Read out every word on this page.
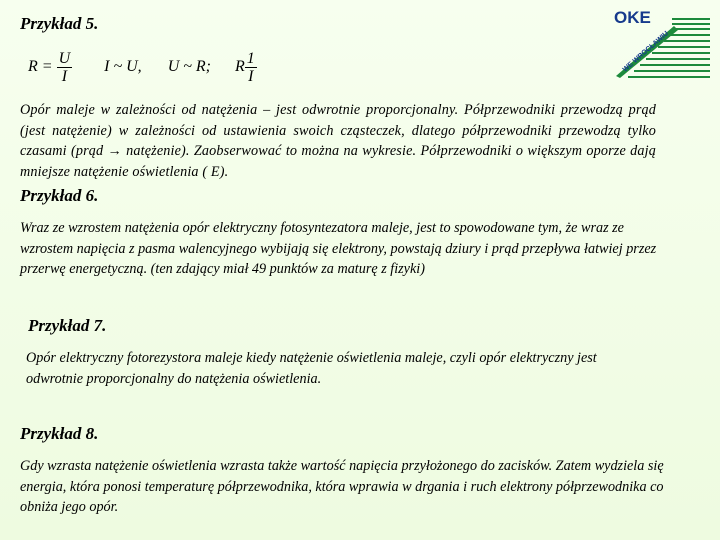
OKE
WE WROCŁAWIU
Przykład 5.
$R = \frac{U}{I}$ I ~ U, U ~ R; R $\frac{1}{I}$

Opór maleje w zależności od natężenia – jest odwrotnie proporcjonalny. Półprzewodniki przewodzą prąd (jest natężenie) w zależności od ustawienia swoich cząsteczek, dlatego półprzewodniki przewodzą tylko czasami (prąd → natężenie). Zaobserwować to można na wykresie. Półprzewodniki o większym oporze dają mniejsze natężenie oświetlenia ( E).

Przykład 6.

Wraz ze wzrostem natężenia opór elektryczny fotosyntezatora maleje, jest to spowodowane tym, że wraz ze wzrostem napięcia z pasma walencyjnego wybijają się elektrony, powstają dziury i prąd przepływa łatwiej przez przerwę energetyczną. (ten zdający miał 49 punktów za maturę z fizyki)

Przykład 7.

Opór elektryczny fotorezystora maleje kiedy natężenie oświetlenia maleje, czyli opór elektryczny jest odwrotnie proporcjonalny do natężenia oświetlenia.

Przykład 8.

Gdy wzrasta natężenie oświetlenia wzrasta także wartość napięcia przyłożonego do zacisków. Zatem wydziela się energia, która ponosi temperaturę półprzewodnika, która wprawia w drgania i ruch elektrony półprzewodnika co obniża jego opór.
